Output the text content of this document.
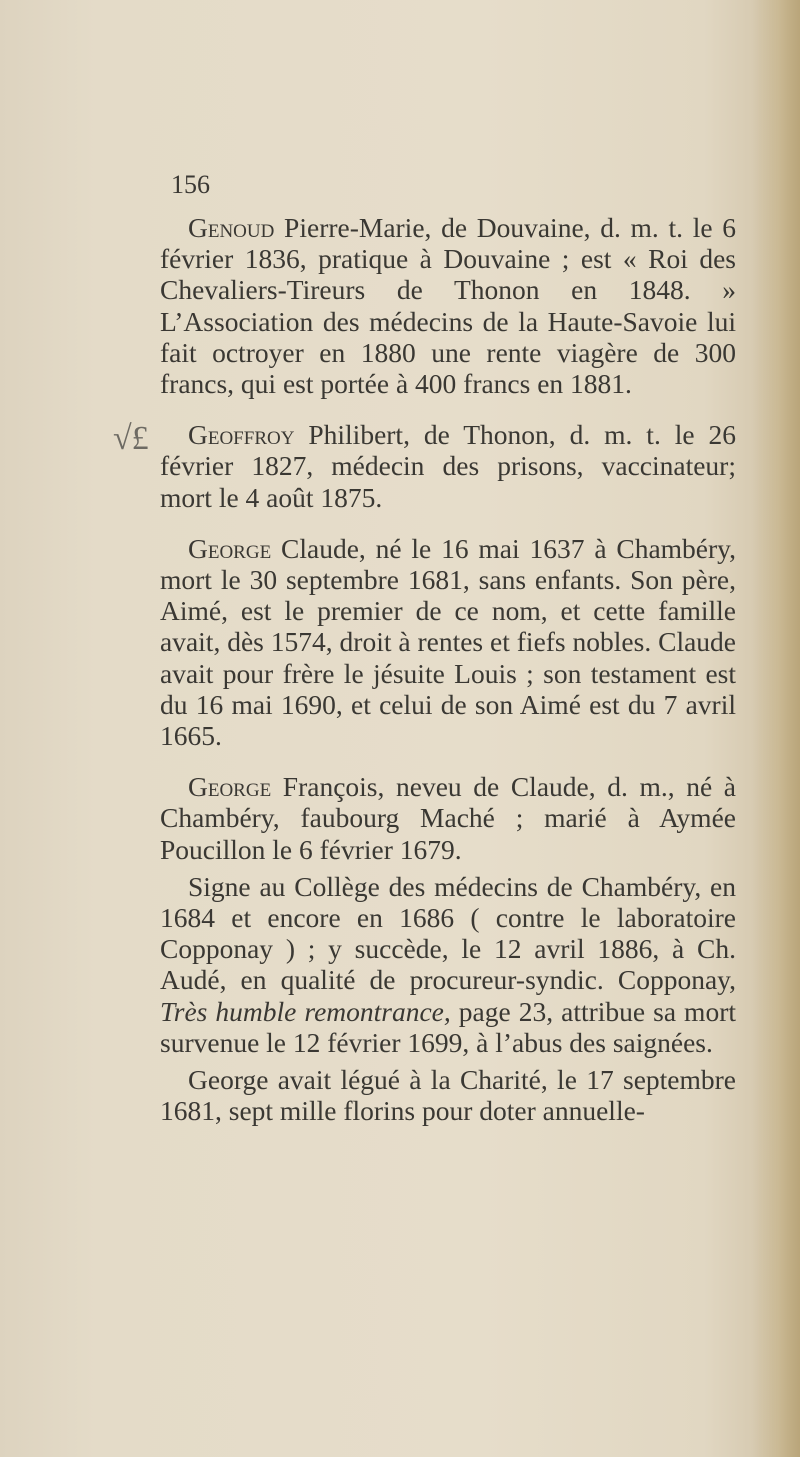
156
√£

Genoud Pierre-Marie, de Douvaine, d. m. t. le 6 février 1836, pratique à Douvaine ; est « Roi des Chevaliers-Tireurs de Thonon en 1848. » L’Association des médecins de la Haute-Savoie lui fait octroyer en 1880 une rente viagère de 300 francs, qui est portée à 400 francs en 1881.

Geoffroy Philibert, de Thonon, d. m. t. le 26 février 1827, médecin des prisons, vaccinateur; mort le 4 août 1875.

George Claude, né le 16 mai 1637 à Chambéry, mort le 30 septembre 1681, sans enfants. Son père, Aimé, est le premier de ce nom, et cette famille avait, dès 1574, droit à rentes et fiefs nobles. Claude avait pour frère le jésuite Louis ; son testament est du 16 mai 1690, et celui de son Aimé est du 7 avril 1665.

George François, neveu de Claude, d. m., né à Chambéry, faubourg Maché ; marié à Aymée Poucillon le 6 février 1679.

Signe au Collège des médecins de Chambéry, en 1684 et encore en 1686 ( contre le laboratoire Copponay ) ; y succède, le 12 avril 1886, à Ch. Audé, en qualité de procureur-syndic. Copponay, Très humble remontrance, page 23, attribue sa mort survenue le 12 février 1699, à l’abus des saignées.

George avait légué à la Charité, le 17 septembre 1681, sept mille florins pour doter annuelle-
